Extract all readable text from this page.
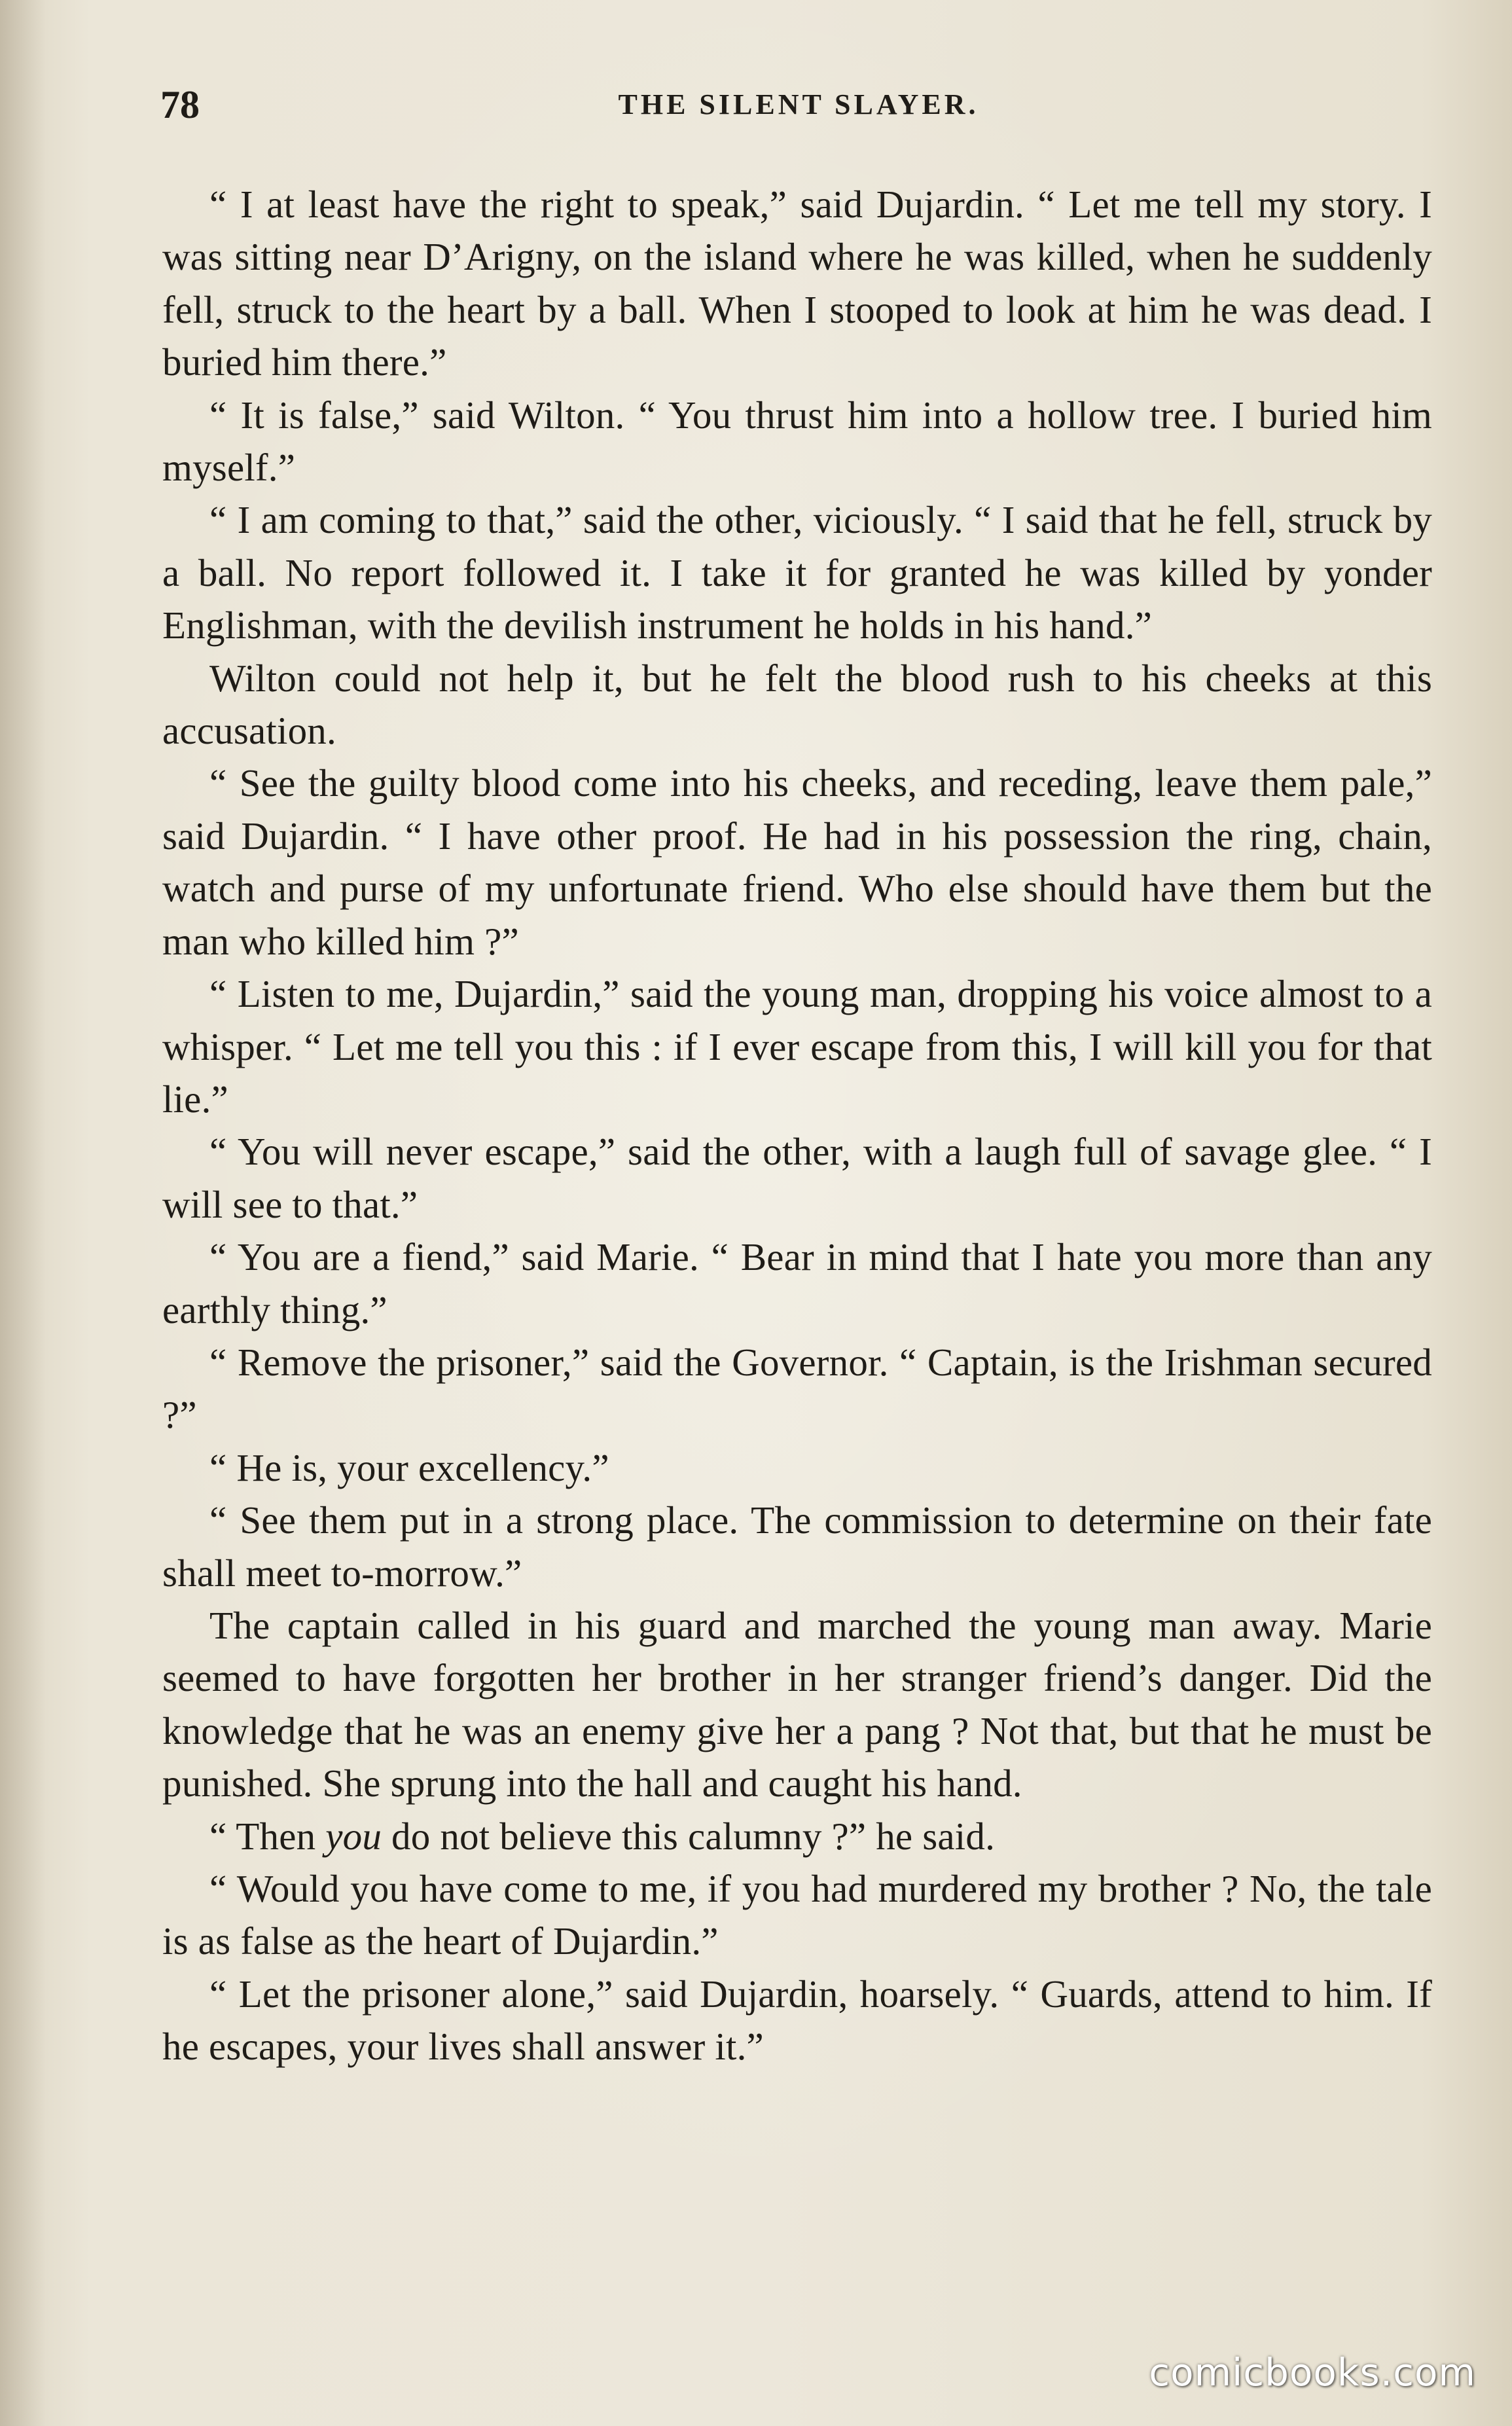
78	THE SILENT SLAYER.

“ I at least have the right to speak,” said Dujardin. “ Let me tell my story. I was sitting near D’Arigny, on the island where he was killed, when he suddenly fell, struck to the heart by a ball. When I stooped to look at him he was dead. I buried him there.”

“ It is false,” said Wilton. “ You thrust him into a hollow tree. I buried him myself.”

“ I am coming to that,” said the other, viciously. “ I said that he fell, struck by a ball. No report followed it. I take it for granted he was killed by yonder Englishman, with the devilish instrument he holds in his hand.”

Wilton could not help it, but he felt the blood rush to his cheeks at this accusation.

“ See the guilty blood come into his cheeks, and receding, leave them pale,” said Dujardin. “ I have other proof. He had in his possession the ring, chain, watch and purse of my unfortunate friend. Who else should have them but the man who killed him ?”

“ Listen to me, Dujardin,” said the young man, dropping his voice almost to a whisper. “ Let me tell you this : if I ever escape from this, I will kill you for that lie.”

“ You will never escape,” said the other, with a laugh full of savage glee. “ I will see to that.”

“ You are a fiend,” said Marie. “ Bear in mind that I hate you more than any earthly thing.”

“ Remove the prisoner,” said the Governor. “ Captain, is the Irishman secured ?”

“ He is, your excellency.”

“ See them put in a strong place. The commission to determine on their fate shall meet to-morrow.”

The captain called in his guard and marched the young man away. Marie seemed to have forgotten her brother in her stranger friend’s danger. Did the knowledge that he was an enemy give her a pang ? Not that, but that he must be punished. She sprung into the hall and caught his hand.

“ Then you do not believe this calumny ?” he said.

“ Would you have come to me, if you had murdered my brother ? No, the tale is as false as the heart of Dujardin.”

“ Let the prisoner alone,” said Dujardin, hoarsely. “ Guards, attend to him. If he escapes, your lives shall answer it.”

comicbooks.com
